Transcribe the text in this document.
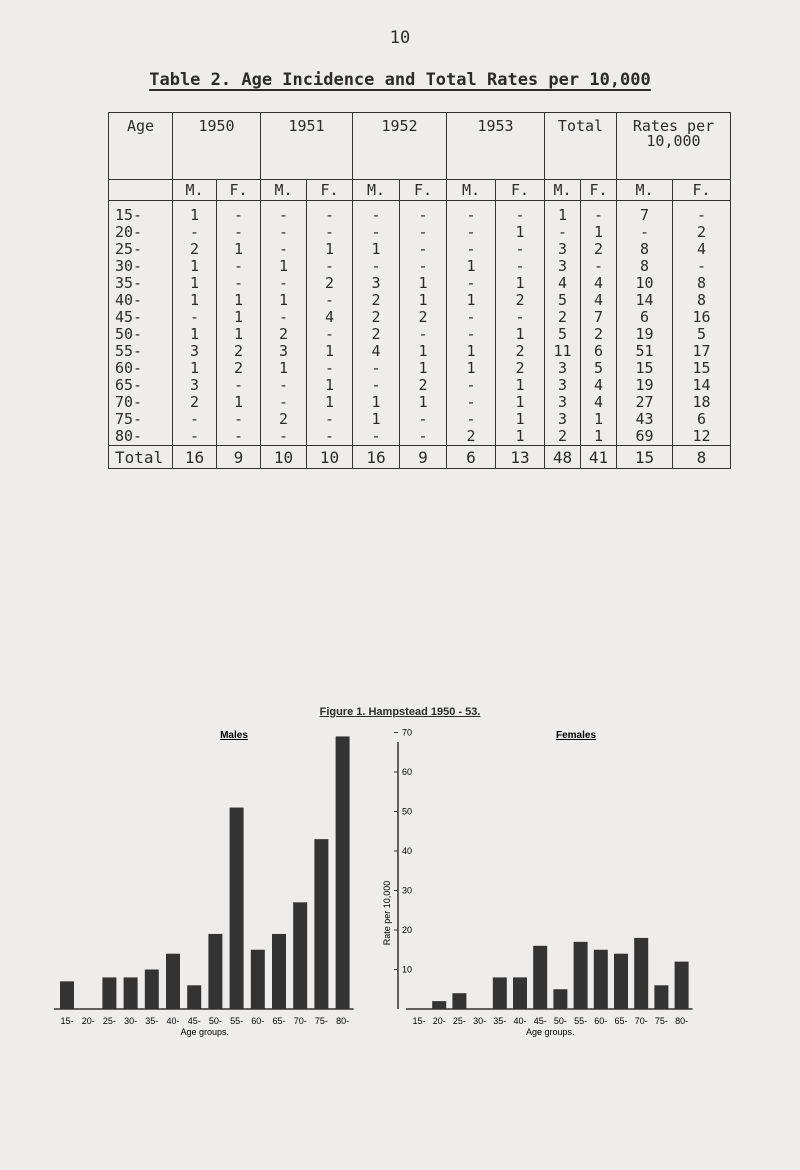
10
Table 2. Age Incidence and Total Rates per 10,000
Age	1950		1951		1952		1953		Total		Rates per 10,000	
	M.	F.	M.	F.	M.	F.	M.	F.	M.	F.	M.	F.
15-	1	-	-	-	-	-	-	-	1	-	7	-
20-	-	-	-	-	-	-	-	1	-	1	-	2
25-	2	1	-	1	1	-	-	-	3	2	8	4
30-	1	-	1	-	-	-	1	-	3	-	8	-
35-	1	-	-	2	3	1	-	1	4	4	10	8
40-	1	1	1	-	2	1	1	2	5	4	14	8
45-	-	1	-	4	2	2	-	-	2	7	6	16
50-	1	1	2	-	2	-	-	1	5	2	19	5
55-	3	2	3	1	4	1	1	2	11	6	51	17
60-	1	2	1	-	-	1	1	2	3	5	15	15
65-	3	-	-	1	-	2	-	1	3	4	19	14
70-	2	1	-	1	1	1	-	1	3	4	27	18
75-	-	-	2	-	1	-	-	1	3	1	43	6
80-	-	-	-	-	-	-	2	1	2	1	69	12
Total	16	9	10	10	16	9	6	13	48	41	15	8
Figure 1. Hampstead 1950 - 53.
Males
15- 20- 25- 30- 35- 40- 45- 50- 55- 60- 65- 70- 75- 80-
Age groups.
Females
15- 20- 25- 30- 35- 40- 45- 50- 55- 60- 65- 70- 75- 80-
Age groups.
10
20
30
40
50
60
70
Rate per 10,000
